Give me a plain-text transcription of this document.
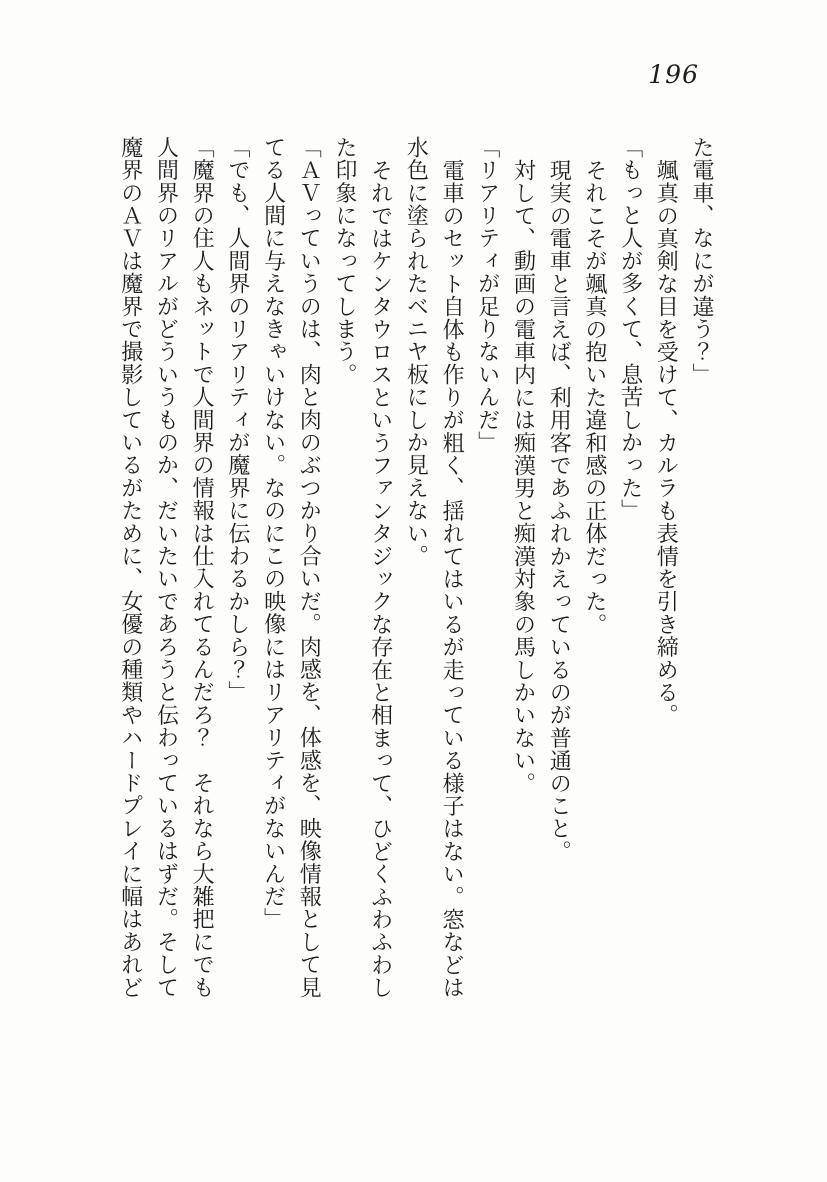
196

た電車、なにが違う？」

颯真の真剣な目を受けて、カルラも表情を引き締める。

「もっと人が多くて、息苦しかった」

それこそが颯真の抱いた違和感の正体だった。

現実の電車と言えば、利用客であふれかえっているのが普通のこと。

対して、動画の電車内には痴漢男と痴漢対象の馬しかいない。

「リアリティが足りないんだ」

電車のセット自体も作りが粗く、揺れてはいるが走っている様子はない。窓などは水色に塗られたベニヤ板にしか見えない。

それではケンタウロスというファンタジックな存在と相まって、ひどくふわふわした印象になってしまう。

「ＡＶっていうのは、肉と肉のぶつかり合いだ。肉感を、体感を、映像情報として見てる人間に与えなきゃいけない。なのにこの映像にはリアリティがないんだ」

「でも、人間界のリアリティが魔界に伝わるかしら？」

「魔界の住人もネットで人間界の情報は仕入れてるんだろ？　それなら大雑把にでも人間界のリアルがどういうものか、だいたいであろうと伝わっているはずだ。そして魔界のＡＶは魔界で撮影しているがために、女優の種類やハードプレイに幅はあれど
